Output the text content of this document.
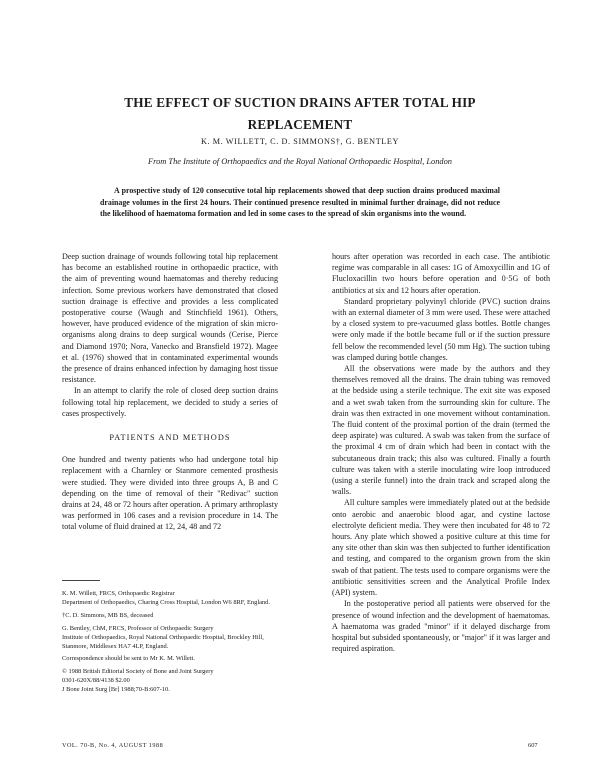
THE EFFECT OF SUCTION DRAINS AFTER TOTAL HIP
REPLACEMENT
K. M. WILLETT, C. D. SIMMONS†, G. BENTLEY
From The Institute of Orthopaedics and the Royal National Orthopaedic Hospital, London
A prospective study of 120 consecutive total hip replacements showed that deep suction drains produced maximal drainage volumes in the first 24 hours. Their continued presence resulted in minimal further drainage, did not reduce the likelihood of haematoma formation and led in some cases to the spread of skin organisms into the wound.

Deep suction drainage of wounds following total hip replacement has become an established routine in orthopaedic practice, with the aim of preventing wound haematomas and thereby reducing infection. Some previous workers have demonstrated that closed suction drainage is effective and provides a less complicated postoperative course (Waugh and Stinchfield 1961). Others, however, have produced evidence of the migration of skin micro-organisms along drains to deep surgical wounds (Cerise, Pierce and Diamond 1970; Nora, Vanecko and Bransfield 1972). Magee et al. (1976) showed that in contaminated experimental wounds the presence of drains enhanced infection by damaging host tissue resistance.

In an attempt to clarify the role of closed deep suction drains following total hip replacement, we decided to study a series of cases prospectively.

PATIENTS AND METHODS

One hundred and twenty patients who had undergone total hip replacement with a Charnley or Stanmore cemented prosthesis were studied. They were divided into three groups A, B and C depending on the time of removal of their "Redivac" suction drains at 24, 48 or 72 hours after operation. A primary arthroplasty was performed in 106 cases and a revision procedure in 14. The total volume of fluid drained at 12, 24, 48 and 72

hours after operation was recorded in each case. The antibiotic regime was comparable in all cases: 1G of Amoxycillin and 1G of Flucloxacillin two hours before operation and 0·5G of both antibiotics at six and 12 hours after operation.

Standard proprietary polyvinyl chloride (PVC) suction drains with an external diameter of 3 mm were used. These were attached by a closed system to pre-vacuumed glass bottles. Bottle changes were only made if the bottle became full or if the suction pressure fell below the recommended level (50 mm Hg). The suction tubing was clamped during bottle changes.

All the observations were made by the authors and they themselves removed all the drains. The drain tubing was removed at the bedside using a sterile technique. The exit site was exposed and a wet swab taken from the surrounding skin for culture. The drain was then extracted in one movement without contamination. The fluid content of the proximal portion of the drain (termed the deep aspirate) was cultured. A swab was taken from the surface of the proximal 4 cm of drain which had been in contact with the subcutaneous drain track; this also was cultured. Finally a fourth culture was taken with a sterile inoculating wire loop introduced (using a sterile funnel) into the drain track and scraped along the walls.

All culture samples were immediately plated out at the bedside onto aerobic and anaerobic blood agar, and cystine lactose electrolyte deficient media. They were then incubated for 48 to 72 hours. Any plate which showed a positive culture at this time for any site other than skin was then subjected to further identification and testing, and compared to the organism grown from the skin swab of that patient. The tests used to compare organisms were the antibiotic sensitivities screen and the Analytical Profile Index (API) system.

In the postoperative period all patients were observed for the presence of wound infection and the development of haematomas. A haematoma was graded "minor" if it delayed discharge from hospital but subsided spontaneously, or "major" if it was larger and required aspiration.

K. M. Willett, FRCS, Orthopaedic Registrar

Department of Orthopaedics, Charing Cross Hospital, London W6 8RF, England.

†C. D. Simmons, MB BS, deceased

G. Bentley, ChM, FRCS, Professor of Orthopaedic Surgery

Institute of Orthopaedics, Royal National Orthopaedic Hospital, Brockley Hill, Stanmore, Middlesex HA7 4LP, England.

Correspondence should be sent to Mr K. M. Willett.

© 1988 British Editorial Society of Bone and Joint Surgery

0301-620X/88/4138 $2.00

J Bone Joint Surg [Br] 1988;70-B:607-10.

VOL. 70-B, No. 4, AUGUST 1988	607
